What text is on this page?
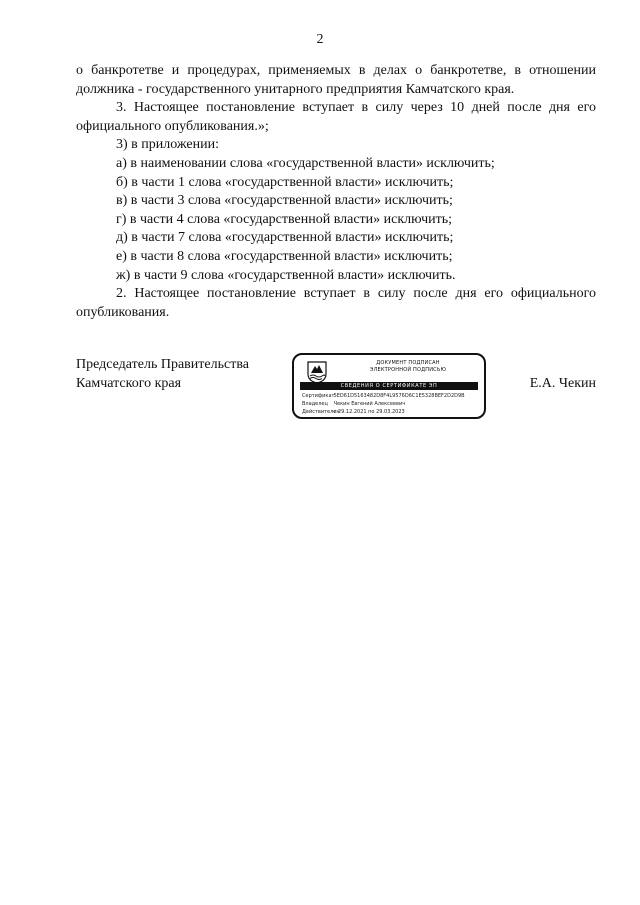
2

о банкротетве и процедурах, применяемых в делах о банкротетве, в отношении должника - государственного унитарного предприятия Камчатского края.

3. Настоящее постановление вступает в силу через 10 дней после дня его официального опубликования.»;

3) в приложении:

а) в наименовании слова «государственной власти» исключить;

б) в части 1 слова «государственной власти» исключить;

в) в части 3 слова «государственной власти» исключить;

г) в части 4 слова «государственной власти» исключить;

д) в части 7 слова «государственной власти» исключить;

е) в части 8 слова «государственной власти» исключить;

ж) в части 9 слова «государственной власти» исключить.

2. Настоящее постановление вступает в силу после дня его официального опубликования.

Председатель Правительства
Камчатского края	Е.А. Чекин
ДОКУМЕНТ ПОДПИСАН
ЭЛЕКТРОННОЙ ПОДПИСЬЮ
СВЕДЕНИЯ О СЕРТИФИКАТЕ ЭП
Сертификат 5ED61D5163482D8F4L9576D6C1E5328BEF2D2D9B
Владелец Чекин Евгений Алексеевич
Действителен с 29.12.2021 по 29.03.2023
